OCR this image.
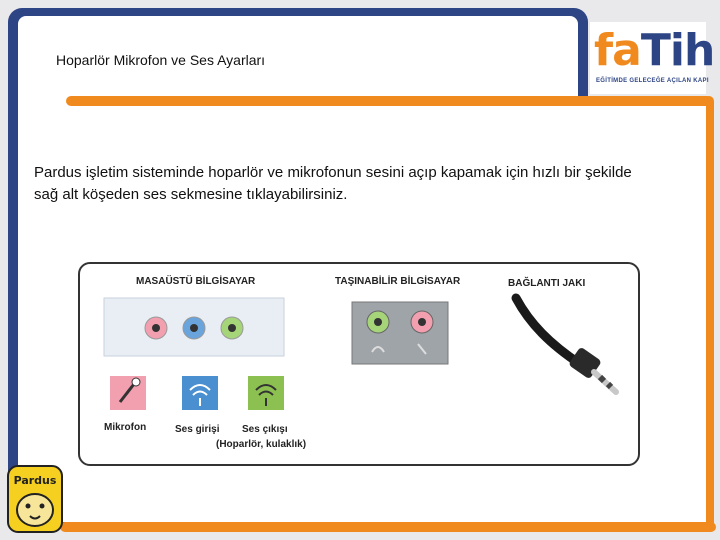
Hoparlör Mikrofon ve Ses Ayarları	faTih
EĞİTİMDE GELECEĞE AÇILAN KAPI
Pardus işletim sisteminde hoparlör ve mikrofonun sesini açıp kapamak için hızlı bir şekilde sağ alt köşeden ses sekmesine tıklayabilirsiniz.
MASAÜSTÜ BİLGİSAYAR	TAŞINABİLİR BİLGİSAYAR	BAĞLANTI JAKI
Mikrofon	Ses girişi Ses çıkışı
(Hoparlör, kulaklık)
Pardus
